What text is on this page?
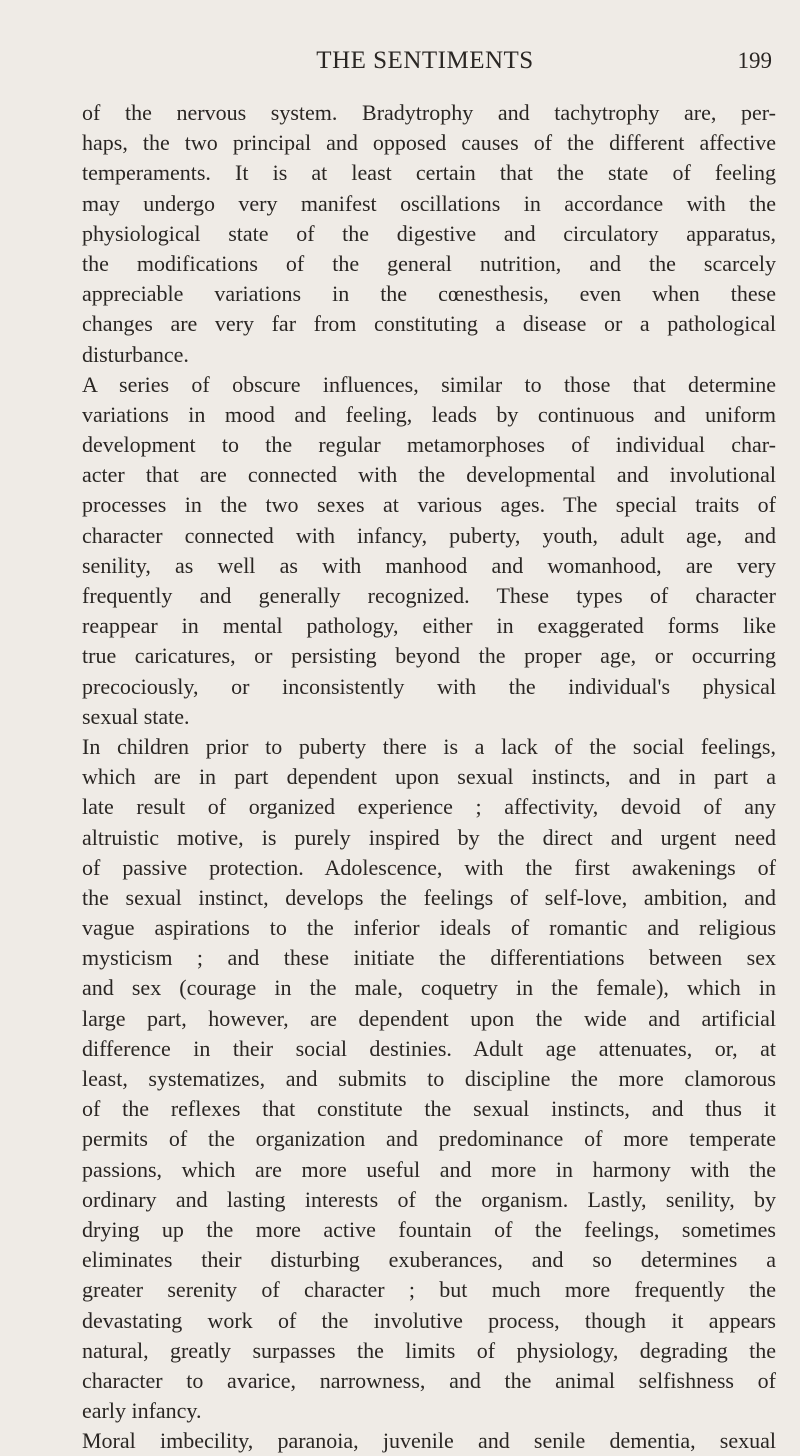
THE SENTIMENTS	199
of the nervous system. Bradytrophy and tachytrophy are, per-
haps, the two principal and opposed causes of the different affective
temperaments. It is at least certain that the state of feeling
may undergo very manifest oscillations in accordance with the
physiological state of the digestive and circulatory apparatus,
the modifications of the general nutrition, and the scarcely
appreciable variations in the cœnesthesis, even when these
changes are very far from constituting a disease or a pathological
disturbance.
A series of obscure influences, similar to those that determine
variations in mood and feeling, leads by continuous and uniform
development to the regular metamorphoses of individual char-
acter that are connected with the developmental and involutional
processes in the two sexes at various ages. The special traits of
character connected with infancy, puberty, youth, adult age, and
senility, as well as with manhood and womanhood, are very
frequently and generally recognized. These types of character
reappear in mental pathology, either in exaggerated forms like
true caricatures, or persisting beyond the proper age, or occurring
precociously, or inconsistently with the individual's physical
sexual state.
In children prior to puberty there is a lack of the social feelings,
which are in part dependent upon sexual instincts, and in part a
late result of organized experience ; affectivity, devoid of any
altruistic motive, is purely inspired by the direct and urgent need
of passive protection. Adolescence, with the first awakenings of
the sexual instinct, develops the feelings of self-love, ambition, and
vague aspirations to the inferior ideals of romantic and religious
mysticism ; and these initiate the differentiations between sex
and sex (courage in the male, coquetry in the female), which in
large part, however, are dependent upon the wide and artificial
difference in their social destinies. Adult age attenuates, or, at
least, systematizes, and submits to discipline the more clamorous
of the reflexes that constitute the sexual instincts, and thus it
permits of the organization and predominance of more temperate
passions, which are more useful and more in harmony with the
ordinary and lasting interests of the organism. Lastly, senility, by
drying up the more active fountain of the feelings, sometimes
eliminates their disturbing exuberances, and so determines a
greater serenity of character ; but much more frequently the
devastating work of the involutive process, though it appears
natural, greatly surpasses the limits of physiology, degrading the
character to avarice, narrowness, and the animal selfishness of
early infancy.
Moral imbecility, paranoia, juvenile and senile dementia, sexual
